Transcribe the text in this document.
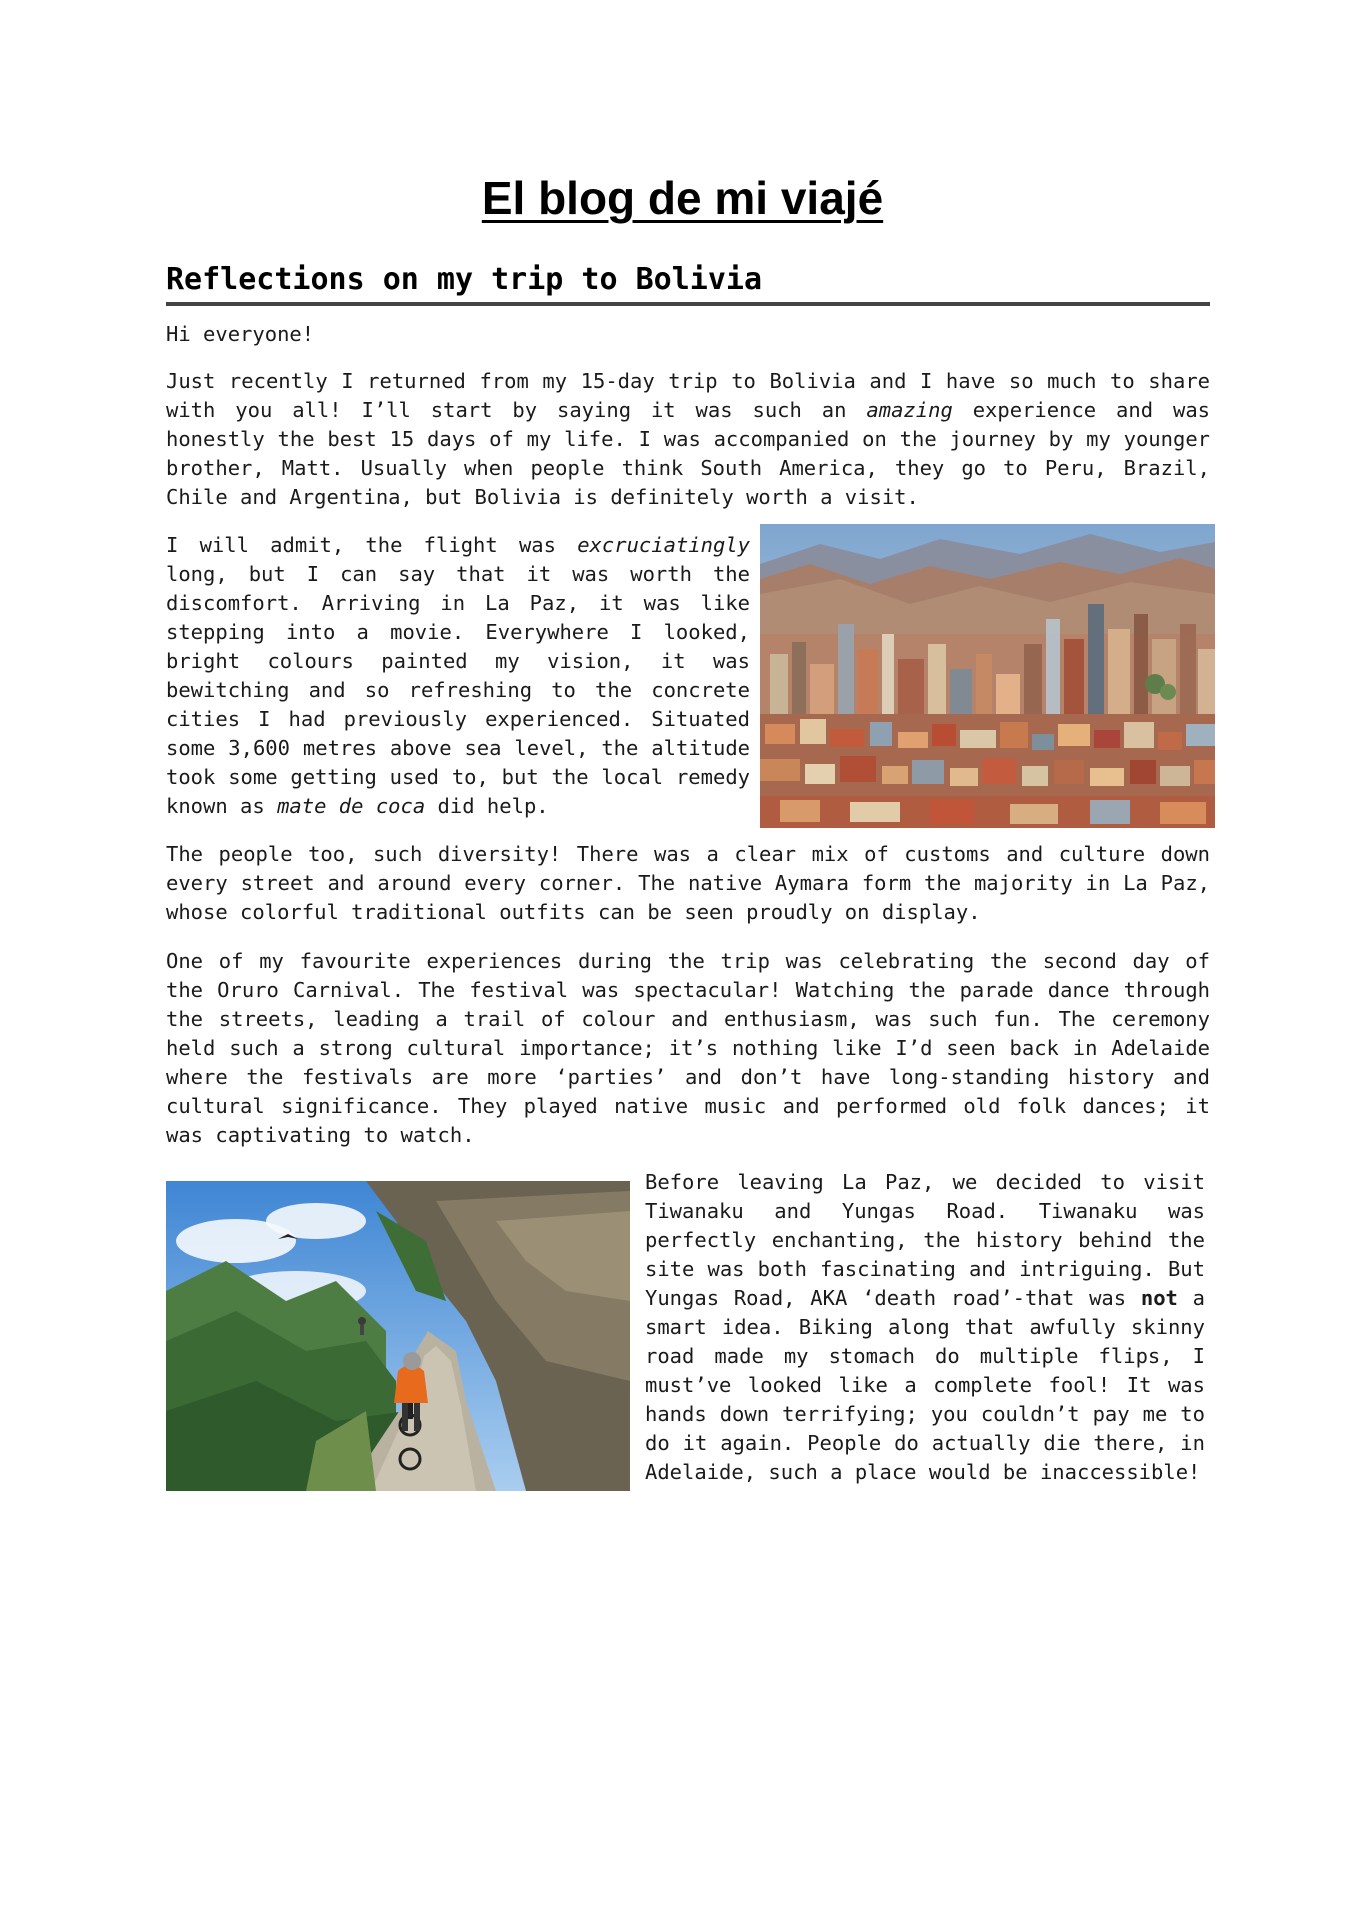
El blog de mi viajé
Reflections on my trip to Bolivia

Hi everyone!

Just recently I returned from my 15-day trip to Bolivia and I have so much to share with you all! I’ll start by saying it was such an amazing experience and was honestly the best 15 days of my life. I was accompanied on the journey by my younger brother, Matt. Usually when people think South America, they go to Peru, Brazil, Chile and Argentina, but Bolivia is definitely worth a visit.

I will admit, the flight was excruciatingly long, but I can say that it was worth the discomfort. Arriving in La Paz, it was like stepping into a movie. Everywhere I looked, bright colours painted my vision, it was bewitching and so refreshing to the concrete cities I had previously experienced. Situated some 3,600 metres above sea level, the altitude took some getting used to, but the local remedy known as mate de coca did help.

The people too, such diversity! There was a clear mix of customs and culture down every street and around every corner. The native Aymara form the majority in La Paz, whose colorful traditional outfits can be seen proudly on display.

One of my favourite experiences during the trip was celebrating the second day of the Oruro Carnival. The festival was spectacular! Watching the parade dance through the streets, leading a trail of colour and enthusiasm, was such fun. The ceremony held such a strong cultural importance; it’s nothing like I’d seen back in Adelaide where the festivals are more ‘parties’ and don’t have long-standing history and cultural significance. They played native music and performed old folk dances; it was captivating to watch.

Before leaving La Paz, we decided to visit Tiwanaku and Yungas Road. Tiwanaku was perfectly enchanting, the history behind the site was both fascinating and intriguing. But Yungas Road, AKA ‘death road’-that was not a smart idea. Biking along that awfully skinny road made my stomach do multiple flips, I must’ve looked like a complete fool! It was hands down terrifying; you couldn’t pay me to do it again. People do actually die there, in Adelaide, such a place would be inaccessible!
